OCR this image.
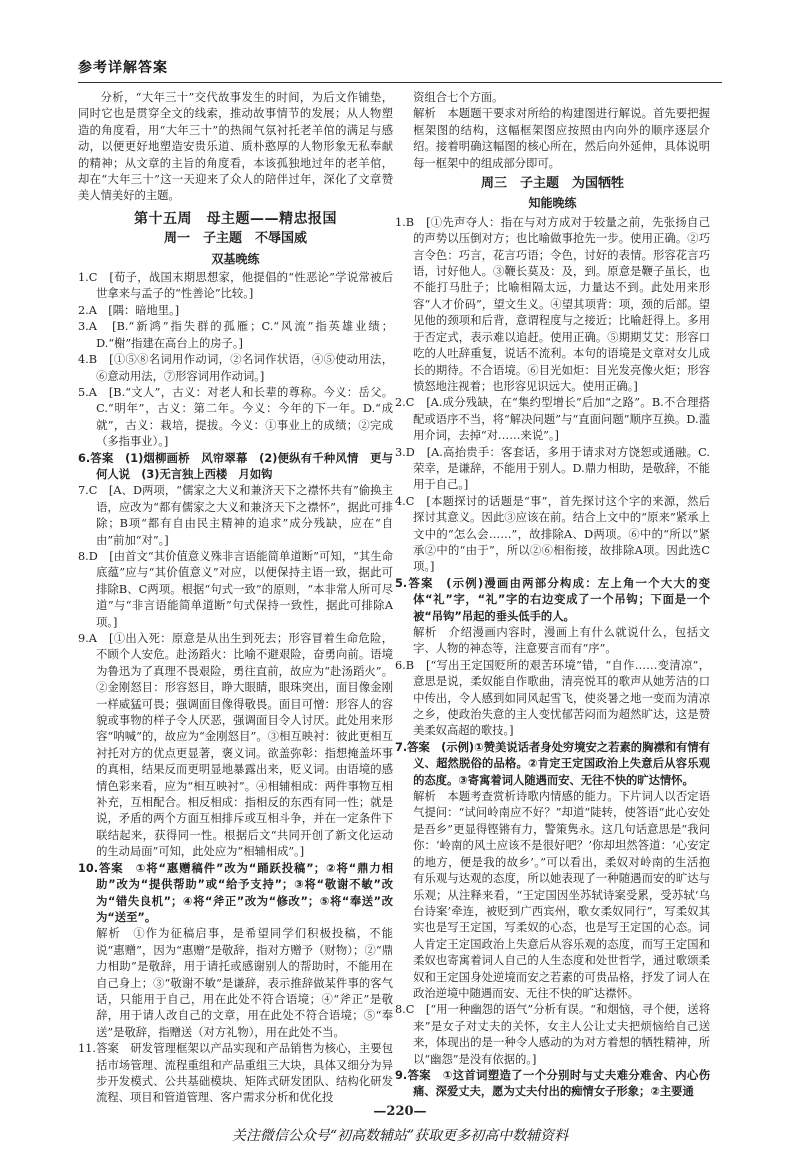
参考详解答案

分析，“大年三十”交代故事发生的时间，为后文作铺垫，同时它也是贯穿全文的线索，推动故事情节的发展；从人物塑造的角度看，用“大年三十”的热闹气氛衬托老羊倌的满足与感动，以便更好地塑造安贵乐道、质朴憨厚的人物形象无私奉献的精神；从文章的主旨的角度看，本该孤独地过年的老羊倌，却在“大年三十”这一天迎来了众人的陪伴过年，深化了文章赞美人情美好的主题。

第十五周　母主题——精忠报国
周一　子主题　不辱国威
双基晚练

1.C　[荀子，战国末期思想家，他提倡的“性恶论”学说常被后世拿来与孟子的“性善论”比较。]

2.A　[隅：暗地里。]

3.A　[B.“新鸿”指失群的孤雁；C.“风流”指英雄业绩；D.“榭”指建在高台上的房子。]

4.B　[①⑤⑧名词用作动词，②名词作状语，④⑤使动用法，⑥意动用法，⑦形容词用作动词。]

5.A　[B.“文人”，古义：对老人和长辈的尊称。今义：岳父。C.“明年”，古义：第二年。今义：今年的下一年。D.“成就”，古义：栽培，提拔。今义：①事业上的成绩；②完成（多指事业）。]

6.答案　(1)烟柳画桥　风帘翠幕　(2)便纵有千种风情　更与何人说　(3)无言独上西楼　月如钩

7.C　[A、D两项，“儒家之大义和兼济天下之襟怀共有”偷换主语，应改为“都有儒家之大义和兼济天下之襟怀”，据此可排除；B项“都有自由民主精神的追求”成分残缺，应在“自由”前加“对”。]

8.D　[由首文“其价值意义殊非言语能简单道断”可知，“其生命底蕴”应与“其价值意义”对应，以便保持主语一致，据此可排除B、C两项。根据“句式一致”的原则，“本非常人所可尽道”与“非言语能简单道断”句式保持一致性，据此可排除A项。]

9.A　[①出入死：原意是从出生到死去；形容冒着生命危险，不顾个人安危。赴汤蹈火：比喻不避艰险，奋勇向前。语境为鲁迅为了真理不畏艰险，勇往直前，故应为“赴汤蹈火”。②金刚怒目：形容怒目，睁大眼睛，眼珠突出，面目像金刚一样威猛可畏；强调面目像得敬畏。面目可憎：形容人的容貌或事物的样子令人厌恶，强调面目令人讨厌。此处用来形容“呐喊”的，故应为“金刚怒目”。③相互映衬：彼此更相互衬托对方的优点更显著，褒义词。欲盖弥彰：指想掩盖坏事的真相，结果反而更明显地暴露出来，贬义词。由语境的感情色彩来看，应为“相互映衬”。④相辅相成：两件事物互相补充，互相配合。相反相成：指相反的东西有同一性；就是说，矛盾的两个方面互相排斥或互相斗争，并在一定条件下联结起来，获得同一性。根据后文“共同开创了新文化运动的生动局面”可知，此处应为“相辅相成”。]

10.答案　①将“惠赠稿件”改为“踊跃投稿”；②将“鼎力相助”改为“提供帮助”或“给予支持”；③将“敬谢不敏”改为“错失良机”；④将“斧正”改为“修改”；⑤将“奉送”改为“送至”。

解析　①作为征稿启事，是希望同学们积极投稿，不能说“惠赠”，因为“惠赠”是敬辞，指对方赠予（财物）；②“鼎力相助”是敬辞，用于请托或感谢别人的帮助时，不能用在自己身上；③“敬谢不敏”是谦辞，表示推辞做某件事的客气话，只能用于自己，用在此处不符合语境；④“斧正”是敬辞，用于请人改自己的文章，用在此处不符合语境；⑤“奉送”是敬辞，指赠送（对方礼物），用在此处不当。

11.答案　研发管理框架以产品实现和产品销售为核心，主要包括市场管理、流程重组和产品重组三大块，具体又细分为异步开发模式、公共基础模块、矩阵式研发团队、结构化研发流程、项目和管道管理、客户需求分析和优化投

资组合七个方面。

解析　本题题干要求对所给的构建图进行解说。首先要把握框架图的结构，这幅框架图应按照由内向外的顺序逐层介绍。接着明确这幅图的核心所在，然后向外延伸，具体说明每一框架中的组成部分即可。

周三　子主题　为国牺牲
知能晚练

1.B　[①先声夺人：指在与对方成对于较量之前，先张扬自己的声势以压倒对方；也比喻做事抢先一步。使用正确。②巧言令色：巧言，花言巧语；令色，讨好的表情。形容花言巧语，讨好他人。③鞭长莫及：及，到。原意是鞭子虽长，也不能打马肚子；比喻相隔太远，力量达不到。此处用来形容“人才价码”，望文生义。④望其项背：项，颈的后部。望见他的颈项和后背，意谓程度与之接近；比喻赶得上。多用于否定式，表示难以追赶。使用正确。⑤期期艾艾：形容口吃的人吐辞重复，说话不流利。本句的语境是文章对女儿成长的期待。不合语境。⑥目光如炬：目光发亮像火炬；形容愤怒地注视着；也形容见识远大。使用正确。]

2.C　[A.成分残缺，在“集约型增长”后加“之路”。B.不合理搭配或语序不当，将“解决问题”与“直面问题”顺序互换。D.滥用介词，去掉“对……来说”。]

3.D　[A.高抬贵手：客套话，多用于请求对方饶恕或通融。C.荣幸，是谦辞，不能用于别人。D.鼎力相助，是敬辞，不能用于自己。]

4.C　[本题探讨的话题是“事”，首先探讨这个字的来源，然后探讨其意义。因此③应该在前。结合上文中的“原来”紧承上文中的“怎么会……”，故排除A、D两项。⑥中的“所以”紧承②中的“由于”，所以②⑥相衔接，故排除A项。因此选C项。]

5.答案　(示例)漫画由两部分构成：左上角一个大大的变体“礼”字，“礼”字的右边变成了一个吊钩；下面是一个被“吊钩”吊起的垂头低手的人。

解析　介绍漫画内容时，漫画上有什么就说什么，包括文字、人物的神态等，注意要言而有“序”。

6.B　[“写出王定国贬所的艰苦环境”错，“自作……变清凉”，意思是说，柔奴能自作歌曲，清亮悦耳的歌声从她芳洁的口中传出，令人感到如同风起雪飞，使炎暑之地一变而为清凉之乡，使政治失意的主人变忧郁苦闷而为超然旷达，这是赞美柔奴高超的歌技。]

7.答案　(示例)①赞美说话者身处穷境安之若素的胸襟和有情有义、超然脱俗的品格。②肯定王定国政治上失意后从容乐观的态度。③寄寓着词人随遇而安、无往不快的旷达情怀。

解析　本题考查赏析诗歌内情感的能力。下片词人以否定语气提问：“试问岭南应不好？”却道“陡转，使答语“此心安处是吾乡”更显得铿锵有力，警策隽永。这几句话意思是“我问你：‘岭南的风土应该不是很好吧？’你却坦然答道：‘心安定的地方，便是我的故乡’。”可以看出，柔奴对岭南的生活抱有乐观与达观的态度，所以她表现了一种随遇而安的旷达与乐观；从注释来看，“王定国因坐苏轼诗案受累，受苏轼‘乌台诗案’牵连，被贬到广西宾州，歌女柔奴同行”，写柔奴其实也是写王定国，写柔奴的心态，也是写王定国的心态。词人肯定王定国政治上失意后从容乐观的态度，而写王定国和柔奴也寄寓着词人自己的人生态度和处世哲学，通过歌颂柔奴和王定国身处逆境而安之若素的可贵品格，抒发了词人在政治逆境中随遇而安、无往不快的旷达襟怀。

8.C　[“用一种幽怨的语气”分析有误。“和烟恼，寻个便，送将来”是女子对丈夫的关怀，女主人公让丈夫把烦恼给自己送来，体现出的是一种令人感动的为对方着想的牺牲精神，所以“幽怨”是没有依据的。]

9.答案　①这首词塑造了一个分别时与丈夫难分难舍、内心伤痛、深爱丈夫，愿为丈夫付出的痴情女子形象；②主要通

—220—
关注微信公众号“初高数辅站”获取更多初高中数辅资料
